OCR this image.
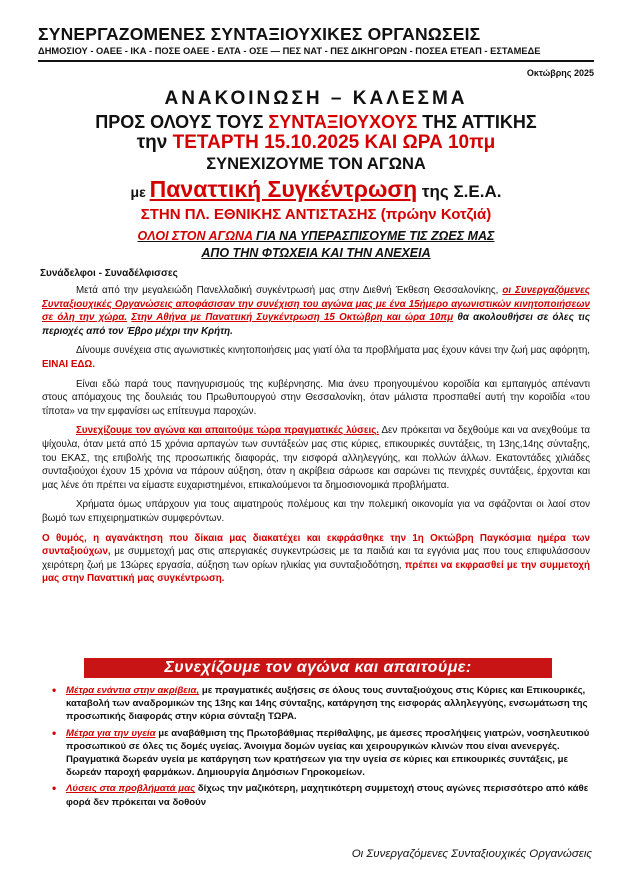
ΣΥΝΕΡΓΑΖΟΜΕΝΕΣ ΣΥΝΤΑΞΙΟΥΧΙΚΕΣ ΟΡΓΑΝΩΣΕΙΣ
ΔΗΜΟΣΙΟΥ - ΟΑΕΕ - ΙΚΑ - ΠΟΣΕ ΟΑΕΕ - ΕΛΤΑ - ΟΣΕ — ΠΕΣ ΝΑΤ - ΠΕΣ ΔΙΚΗΓΟΡΩΝ - ΠΟΣΕΑ ΕΤΕΑΠ - ΕΣΤΑΜΕΔΕ
Οκτώβρης 2025
ΑΝΑΚΟΙΝΩΣΗ – ΚΑΛΕΣΜΑ
ΠΡΟΣ ΟΛΟΥΣ ΤΟΥΣ ΣΥΝΤΑΞΙΟΥΧΟΥΣ ΤΗΣ ΑΤΤΙΚΗΣ
την ΤΕΤΑΡΤΗ 15.10.2025 ΚΑΙ ΩΡΑ 10πμ
ΣΥΝΕΧΙΖΟΥΜΕ ΤΟΝ ΑΓΩΝΑ
με Παναττική Συγκέντρωση της Σ.Ε.Α.
ΣΤΗΝ ΠΛ. ΕΘΝΙΚΗΣ ΑΝΤΙΣΤΑΣΗΣ (πρώην Κοτζιά)
ΟΛΟΙ ΣΤΟΝ ΑΓΩΝΑ ΓΙΑ ΝΑ ΥΠΕΡΑΣΠΙΣΟΥΜΕ ΤΙΣ ΖΩΕΣ ΜΑΣ
ΑΠΟ ΤΗΝ ΦΤΩΧΕΙΑ ΚΑΙ ΤΗΝ ΑΝΕΧΕΙΑ
Συνάδελφοι - Συναδέλφισσες

Μετά από την μεγαλειώδη Πανελλαδική συγκέντρωσή μας στην Διεθνή Έκθεση Θεσσαλονίκης, οι Συνεργαζόμενες Συνταξιουχικές Οργανώσεις αποφάσισαν την συνέχιση του αγώνα μας με ένα 15ήμερο αγωνιστικών κινητοποιήσεων σε όλη την χώρα. Στην Αθήνα με Παναττική Συγκέντρωση 15 Οκτώβρη και ώρα 10πμ θα ακολουθήσει σε όλες τις περιοχές από τον Έβρο μέχρι την Κρήτη.

Δίνουμε συνέχεια στις αγωνιστικές κινητοποιήσεις μας γιατί όλα τα προβλήματα μας έχουν κάνει την ζωή μας αφόρητη, ΕΙΝΑΙ ΕΔΩ.

Είναι εδώ παρά τους πανηγυρισμούς της κυβέρνησης. Μια άνευ προηγουμένου κοροϊδία και εμπαιγμός απέναντι στους απόμαχους της δουλειάς του Πρωθυπουργού στην Θεσσαλονίκη, όταν μάλιστα προσπαθεί αυτή την κοροϊδία «του τίποτα» να την εμφανίσει ως επίτευγμα παροχών.

Συνεχίζουμε τον αγώνα και απαιτούμε τώρα πραγματικές λύσεις. Δεν πρόκειται να δεχθούμε και να ανεχθούμε τα ψίχουλα, όταν μετά από 15 χρόνια αρπαγών των συντάξεών μας στις κύριες, επικουρικές συντάξεις, τη 13ης,14ης σύνταξης, του ΕΚΑΣ, της επιβολής της προσωπικής διαφοράς, την εισφορά αλληλεγγύης, και πολλών άλλων. Εκατοντάδες χιλιάδες συνταξιούχοι έχουν 15 χρόνια να πάρουν αύξηση, όταν η ακρίβεια σάρωσε και σαρώνει τις πενιχρές συντάξεις, έρχονται και μας λένε ότι πρέπει να είμαστε ευχαριστημένοι, επικαλούμενοι τα δημοσιονομικά προβλήματα.

Χρήματα όμως υπάρχουν για τους αιματηρούς πολέμους και την πολεμική οικονομία για να σφάζονται οι λαοί στον βωμό των επιχειρηματικών συμφερόντων.

Ο θυμός, η αγανάκτηση που δίκαια μας διακατέχει και εκφράσθηκε την 1η Οκτώβρη Παγκόσμια ημέρα των συνταξιούχων, με συμμετοχή μας στις απεργιακές συγκεντρώσεις με τα παιδιά και τα εγγόνια μας που τους επιφυλάσσουν χειρότερη ζωή με 13ώρες εργασία, αύξηση των ορίων ηλικίας για συνταξιοδότηση, πρέπει να εκφρασθεί με την συμμετοχή μας στην Παναττική μας συγκέντρωση.

Συνεχίζουμε τον αγώνα και απαιτούμε:
• Μέτρα ενάντια στην ακρίβεια, με πραγματικές αυξήσεις σε όλους τους συνταξιούχους στις Κύριες και Επικουρικές, καταβολή των αναδρομικών της 13ης και 14ης σύνταξης, κατάργηση της εισφοράς αλληλεγγύης, ενσωμάτωση της προσωπικής διαφοράς στην κύρια σύνταξη ΤΩΡΑ.
• Μέτρα για την υγεία με αναβάθμιση της Πρωτοβάθμιας περίθαλψης, με άμεσες προσλήψεις γιατρών, νοσηλευτικού προσωπικού σε όλες τις δομές υγείας. Άνοιγμα δομών υγείας και χειρουργικών κλινών που είναι ανενεργές. Πραγματικά δωρεάν υγεία με κατάργηση των κρατήσεων για την υγεία σε κύριες και επικουρικές συντάξεις, με δωρεάν παροχή φαρμάκων. Δημιουργία Δημόσιων Γηροκομείων.
• Λύσεις στα προβλήματά μας δίχως την μαζικότερη, μαχητικότερη συμμετοχή στους αγώνες περισσότερο από κάθε φορά δεν πρόκειται να δοθούν
Οι Συνεργαζόμενες Συνταξιουχικές Οργανώσεις
